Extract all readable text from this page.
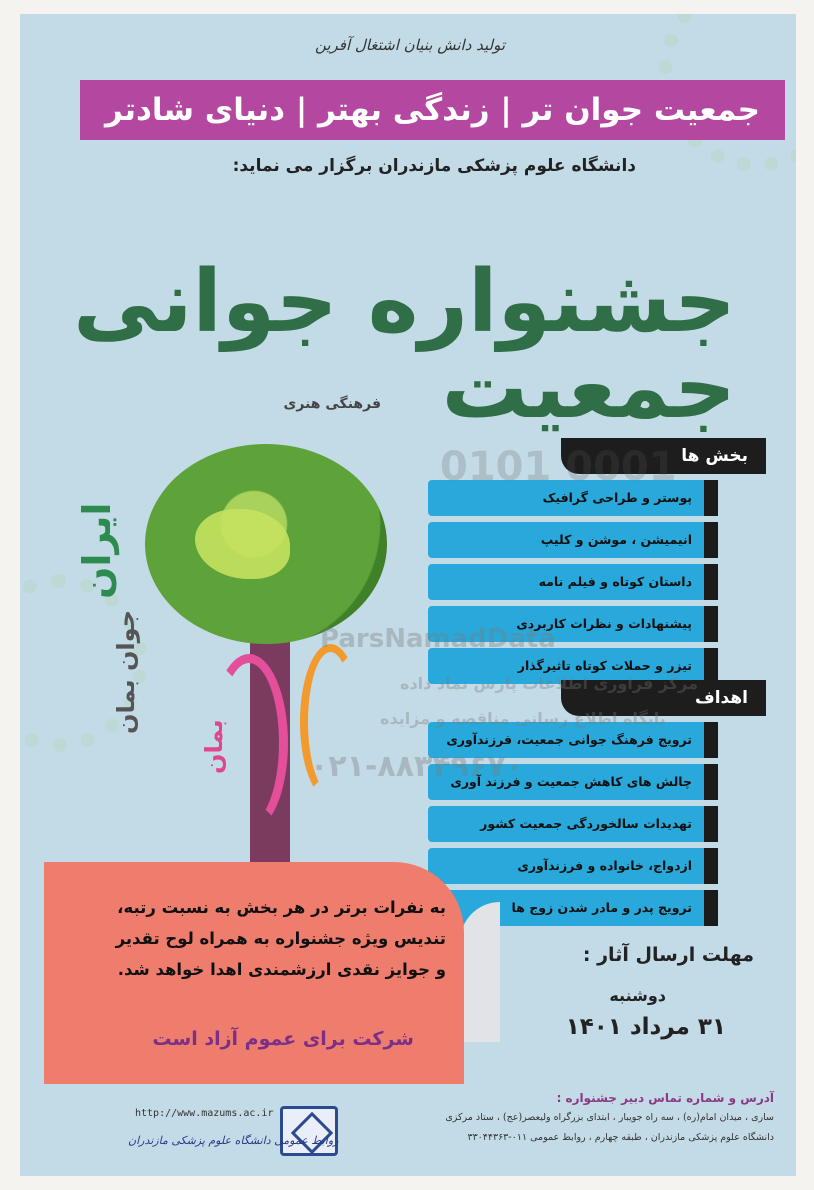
تولید دانش بنیان اشتغال آفرین
جمعیت جوان تر | زندگی بهتر | دنیای شادتر
دانشگاه علوم پزشکی مازندران برگزار می نماید:
جشنواره جوانی جمعیت
فرهنگی هنری
ایران
جوان بمان
بمان
بخش ها
پوستر و طراحی گرافیک
انیمیشن ، موشن و کلیپ
داستان کوتاه و فیلم نامه
پیشنهادات و نظرات کاربردی
تیزر و حملات کوتاه تاثیرگذار
اهداف
ترویج فرهنگ جوانی جمعیت، فرزندآوری
چالش های کاهش جمعیت و فرزند آوری
تهدیدات سالخوردگی جمعیت کشور
ازدواج، خانواده و فرزندآوری
ترویج پدر و مادر شدن زوج ها
به نفرات برتر در هر بخش به نسبت رتبه،
تندیس ویژه جشنواره به همراه لوح تقدیر
و جوایز نقدی ارزشمندی اهدا خواهد شد.
شرکت برای عموم آزاد است
مهلت ارسال آثار :
دوشنبه
۳۱ مرداد ۱۴۰۱
آدرس و شماره تماس دبیر جشنواره :
ساری ، میدان امام(ره) ، سه راه جویبار ، ابتدای بزرگراه ولیعصر(عج) ، ستاد مرکزی
دانشگاه علوم پزشکی مازندران ، طبقه چهارم ، روابط عمومی ۰۱۱-۳۳۰۴۴۳۶۳
http://www.mazums.ac.ir
روابط عمومی دانشگاه علوم پزشکی مازندران
0101 0001
ParsNamadData
مرکز فراوری اطلاعات پارس نماد داده
پایگاه اطلاع رسانی مناقصه و مزایده
۰۲۱-۸۸۳۴۹۶۷۰
